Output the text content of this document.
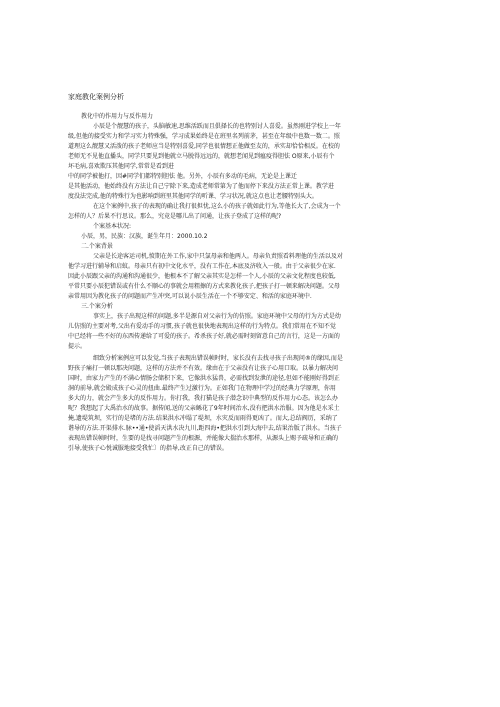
家庭教化案例分析

教化中的作用力与反作用力

小辰是个靓慧的孩子，头脑敏速,思维活跃而且俱择长的也特别讨人喜爱。虽然刚进学校上一年

级,但他的接受实力和学习实力特殊强，学习成果始终是在班里名列前茅，甚至在年级中也数一数二。照

道理这么靓慧又活泼的孩子老师应当是特别喜爱,同学也很情想正他做至友的，承实却恰恰相反。在校的

老师无不见他直播头，同学只要见到他就立马脱得远远的，就想老闻见到瘟疫得胆怯 O原来,小辰有个

坏毛病,喜欢欺压其他同学,常常是看到进

中的同学被他打，因#同学们都特别胆怯 他。另外，小辰有多动的毛病，无论是上课迁

是其他活动，他始终没有方法让自己宁除下来,造成老师常第为了他而停下来没方法正常上课。教学进

度没法完成,他的特殊行为也影响到班里其他同学的听课、学习状况,就这点也让老腰特别头大。

在这个案例中,孩子的表现的确让我打很担忧,这么小的孩子就如此行为,等他长大了,会成为一个

怎样的人？后果不行思议。那么，究竟是哪儿出了问通，让孩子登成了这样的呢?

个案基本状况:

小辰，男，民族：汉族，诞生年月：2000.10.2

二.个案背景

父亲是长途客运司机,愤期在外工作,家中只氯母亲和他两人。母亲负责照看料理他的生活以及对

他学习进行辅导和启蚊。母亲只有初中文化水平，没有工作在,本底及济收入一般。由于父亲很少在家.

因此小辰跟父亲的沟通和沟通很少，他根本不了解父亲其实是怎样一个人,小辰的父亲文化程度也较低,

平常只要小辰犯错误或有什么不顺心的事就会用粗擦的方式来教化孩子,把孩子打一顿来解决问题。父母

亲常用因为教化孩子的问题而产生冲突,可以说小辰生活在一个不够安定、和活的家庭环境中.

三.个案分析

事实上，孩子出现这样的问题,多半是源自对父亲行为的仿照。家庭环境中父母的行为方式是幼

儿仿照的主要对考,父出有爱动手的习惯,孩子就也很快地表现出这样的行为特点。我们常用在不知不觉

中已经将一些不好的东西传递给了可爱的孩子。希杀孩子好,就必需时刻留意自己的言行，这是一方面的

提示。

细致分析案例应可以发觉,当孩子表现出错误帧时时，家长没有去找寻孩子出现问®的缘因,而是

野孩子痛打一顿以那决问题，这样的方法并不有效。缘由在于父亲没有让孩子心用口取。以暴力解决问

国时，由家力产生的不满心情肠会储积下来，它像洪水猛兽，必需找到发泄的途径,但如不能刚好得到正

洞的前导,就会殿成孩子心灵的扭曲.最终产生过激行为。正如我门在物理中学过的经典力学原理，你用

多大的力，就会产生多大的反作用力。你打我，我打猫是孩子潜念识中典型的反作用力心态。该怎么办

呢？我想起了大禹治水的故事。据传闻,送的父亲鲧花了9年时间治水,没有把洪水治服。因为他是水采土

掩,遗堤筑坝，实行的是堵的方法.结果洪水冲塌了堤坝，水灾反而雨得更凶了。而大,总结阀历，采纳了

谐导的方法.开渠排水.脉••通•使滔天洪水决九川,距四海•把洪水引到大海中去,结果治版了洪水。当孩子

表现出错误帧时时，生要的是找寻问题产生的根源，并能像大揣治水那样，从源头上赐予疏导和正确的

引导,使孩子心悦诚服地接受我忙〕的指导,改正自己的错误。
